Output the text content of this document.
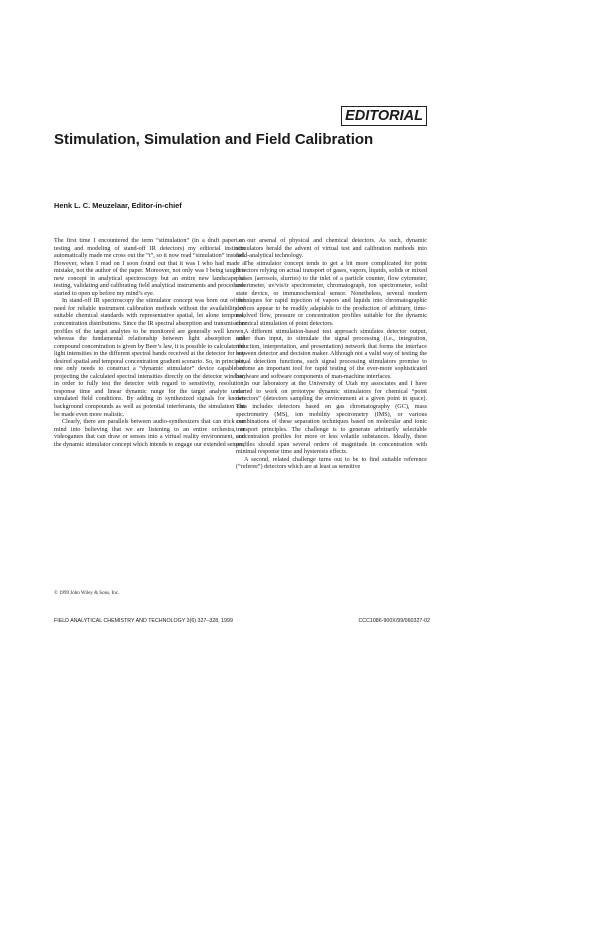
EDITORIAL
Stimulation, Simulation and Field Calibration
Henk L. C. Meuzelaar, Editor-in-chief

The first time I encountered the term “stimulation” (in a draft paper on testing and modeling of stand-off IR detectors) my editorial instincts automatically made me cross out the “t”, so it now read “simulation” instead. However, when I read on I soon found out that it was I who had made a mistake, not the author of the paper. Moreover, not only was I being taught a new concept in analytical spectroscopy but an entire new landscape of testing, validating and calibrating field analytical instruments and procedures started to open up before my mind’s eye.

In stand-off IR spectroscopy the stimulator concept was born out of the need for reliable instrument calibration methods without the availability of suitable chemical standards with representative spatial, let alone temporal, concentration distributions. Since the IR spectral absorption and transmission profiles of the target analytes to be monitored are generally well known, whereas the fundamental relationship between light absorption and compound concentration is given by Beer’s law, it is possible to calculate the light intensities in the different spectral bands received at the detector for any desired spatial and temporal concentration gradient scenario. So, in principle, one only needs to construct a “dynamic stimulator” device capable of projecting the calculated spectral intensities directly on the detector window, in order to fully test the detector with regard to sensitivity, resolution, response time and linear dynamic range for the target analyte under simulated field conditions. By adding in synthesized signals for known background compounds as well as potential interferants, the simulation can be made even more realistic.

Clearly, there are parallels between audio-synthesizers that can trick our mind into believing that we are listening to an entire orchestra, or videogames that can draw or senses into a virtual reality environment, and the dynamic stimulator concept which intends to engage our extended senses,

i.e. our arsenal of physical and chemical detectors. As such, dynamic stimulators herald the advent of virtual test and calibration methods into field-analytical technology.

The stimulator concept tends to get a bit more complicated for point detectors relying on actual transport of gases, vapors, liquids, solids or mixed phases (aerosols, slurries) to the inlet of a particle counter, flow cytometer, colorimeter, uv/vis/ir spectrometer, chromatograph, ion spectrometer, solid state device, or immunochemical sensor. Nonetheless, several modern techniques for rapid injection of vapors and liquids into chromatographic devices appear to be readily adaptable to the production of arbitrary, time-resolved flow, pressure or concentration profiles suitable for the dynamic chemical stimulation of point detectors.

A different stimulation-based test approach simulates detector output, rather than input, to stimulate the signal processing (i.e., integration, reduction, interpretation, and presentation) network that forms the interface between detector and decision maker. Although not a valid way of testing the actual detection functions, such signal processing stimulators promise to become an important tool for rapid testing of the ever-more sophisticated hardware and software components of man-machine interfaces.

In our laboratory at the University of Utah my associates and I have started to work on prototype dynamic stimulators for chemical “point detectors” (detectors sampling the environment at a given point in space). This includes detectors based on gas chromatography (GC), mass spectrometry (MS), ion mobility spectrometry (IMS), or various combinations of these separation techniques based on molecular and ionic transport principles. The challenge is to generate arbitrarily selectable concentration profiles for more or less volatile substances. Ideally, these profiles should span several orders of magnitude in concentration with minimal response time and hysteresis effects.

A second, related challenge turns out to be to find suitable reference (“referee”) detectors which are at least as sensitive

© 1999 John Wiley & Sons, Inc.
FIELD ANALYTICAL CHEMISTRY AND TECHNOLOGY 3(6) 327–328, 1999	CCC1086-900X/99/060327-02
